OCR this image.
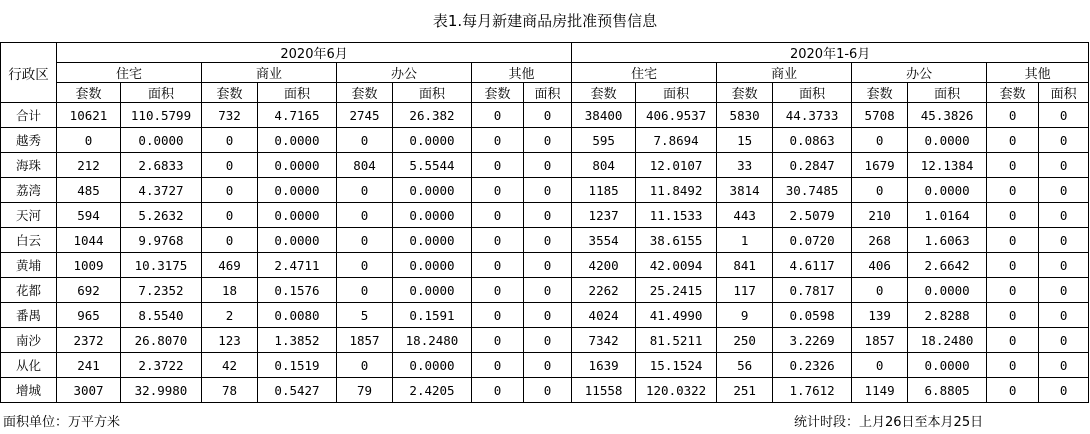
表1.每月新建商品房批准预售信息
行政区	2020年6月								2020年1-6月							
	住宅		商业		办公		其他		住宅		商业		办公		其他	
	套数	面积	套数	面积	套数	面积	套数	面积	套数	面积	套数	面积	套数	面积	套数	面积
合计	10621	110.5799	732	4.7165	2745	26.382	0	0	38400	406.9537	5830	44.3733	5708	45.3826	0	0
越秀	0	0.0000	0	0.0000	0	0.0000	0	0	595	7.8694	15	0.0863	0	0.0000	0	0
海珠	212	2.6833	0	0.0000	804	5.5544	0	0	804	12.0107	33	0.2847	1679	12.1384	0	0
荔湾	485	4.3727	0	0.0000	0	0.0000	0	0	1185	11.8492	3814	30.7485	0	0.0000	0	0
天河	594	5.2632	0	0.0000	0	0.0000	0	0	1237	11.1533	443	2.5079	210	1.0164	0	0
白云	1044	9.9768	0	0.0000	0	0.0000	0	0	3554	38.6155	1	0.0720	268	1.6063	0	0
黄埔	1009	10.3175	469	2.4711	0	0.0000	0	0	4200	42.0094	841	4.6117	406	2.6642	0	0
花都	692	7.2352	18	0.1576	0	0.0000	0	0	2262	25.2415	117	0.7817	0	0.0000	0	0
番禺	965	8.5540	2	0.0080	5	0.1591	0	0	4024	41.4990	9	0.0598	139	2.8288	0	0
南沙	2372	26.8070	123	1.3852	1857	18.2480	0	0	7342	81.5211	250	3.2269	1857	18.2480	0	0
从化	241	2.3722	42	0.1519	0	0.0000	0	0	1639	15.1524	56	0.2326	0	0.0000	0	0
增城	3007	32.9980	78	0.5427	79	2.4205	0	0	11558	120.0322	251	1.7612	1149	6.8805	0	0
面积单位：万平方米	统计时段：上月26日至本月25日
